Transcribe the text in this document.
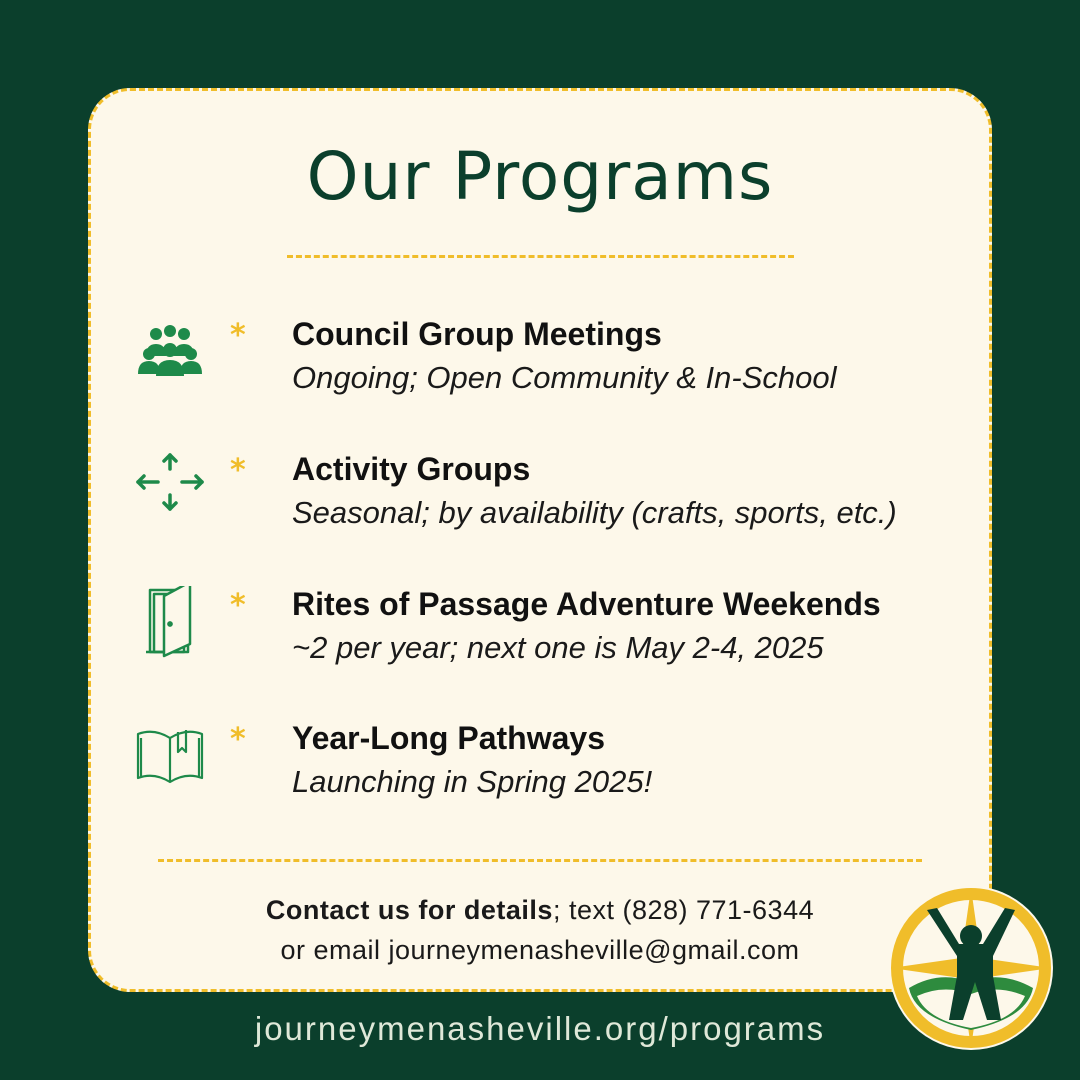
Our Programs
* Council Group Meetings
Ongoing; Open Community & In-School
* Activity Groups
Seasonal; by availability (crafts, sports, etc.)
* Rites of Passage Adventure Weekends
~2 per year; next one is May 2-4, 2025
* Year-Long Pathways
Launching in Spring 2025!
Contact us for details; text (828) 771-6344
or email journeymenasheville@gmail.com
journeymenasheville.org/programs
